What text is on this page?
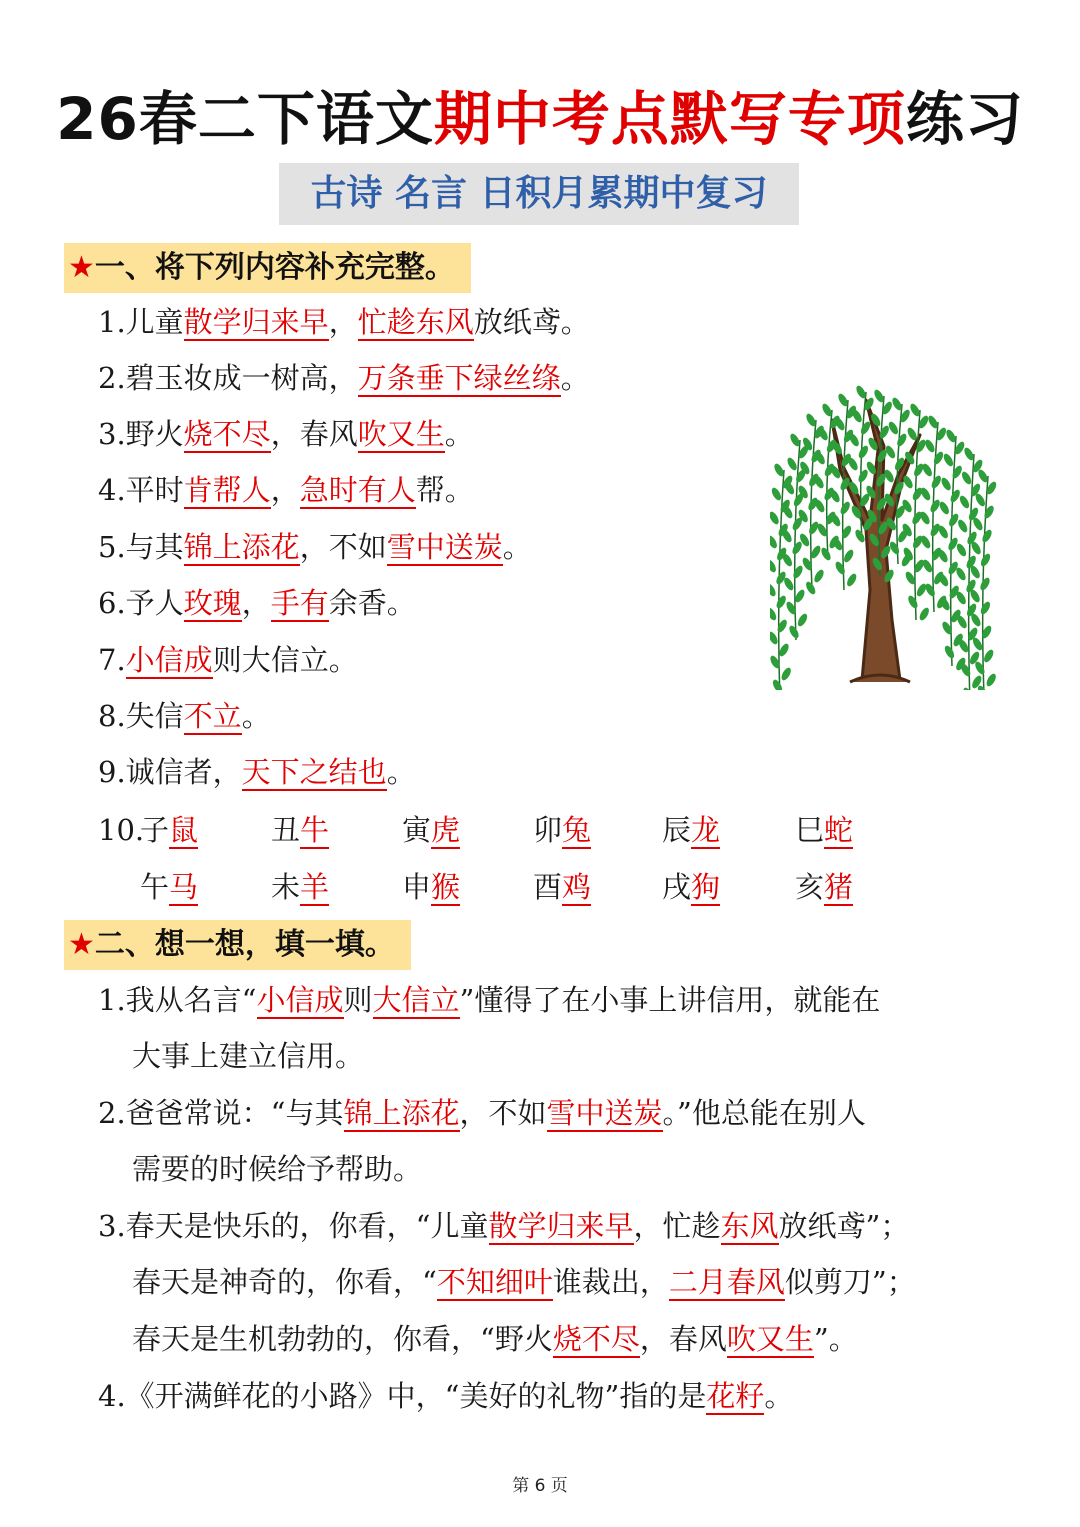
26春二下语文期中考点默写专项练习
古诗 名言 日积月累期中复习
★一、将下列内容补充完整。
1.儿童散学归来早，忙趁东风放纸鸢。
2.碧玉妆成一树高，万条垂下绿丝绦。
3.野火烧不尽，春风吹又生。
4.平时肯帮人，急时有人帮。
5.与其锦上添花，不如雪中送炭。
6.予人玫瑰，手有余香。
7.小信成则大信立。
8.失信不立。
9.诚信者，天下之结也。
10.
子鼠	丑牛	寅虎	卯兔 辰龙	巳蛇
午马	未羊	申猴	酉鸡 戌狗	亥猪
★二、想一想，填一填。
1.我从名言“小信成则大信立”懂得了在小事上讲信用，就能在
大事上建立信用。
2.爸爸常说：“与其锦上添花，不如雪中送炭。”他总能在别人
需要的时候给予帮助。
3.春天是快乐的，你看，“儿童散学归来早，忙趁东风放纸鸢”；
春天是神奇的，你看，“不知细叶谁裁出，二月春风似剪刀”；
春天是生机勃勃的，你看，“野火烧不尽，春风吹又生”。
4.《开满鲜花的小路》中，“美好的礼物”指的是花籽。
第 6 页
